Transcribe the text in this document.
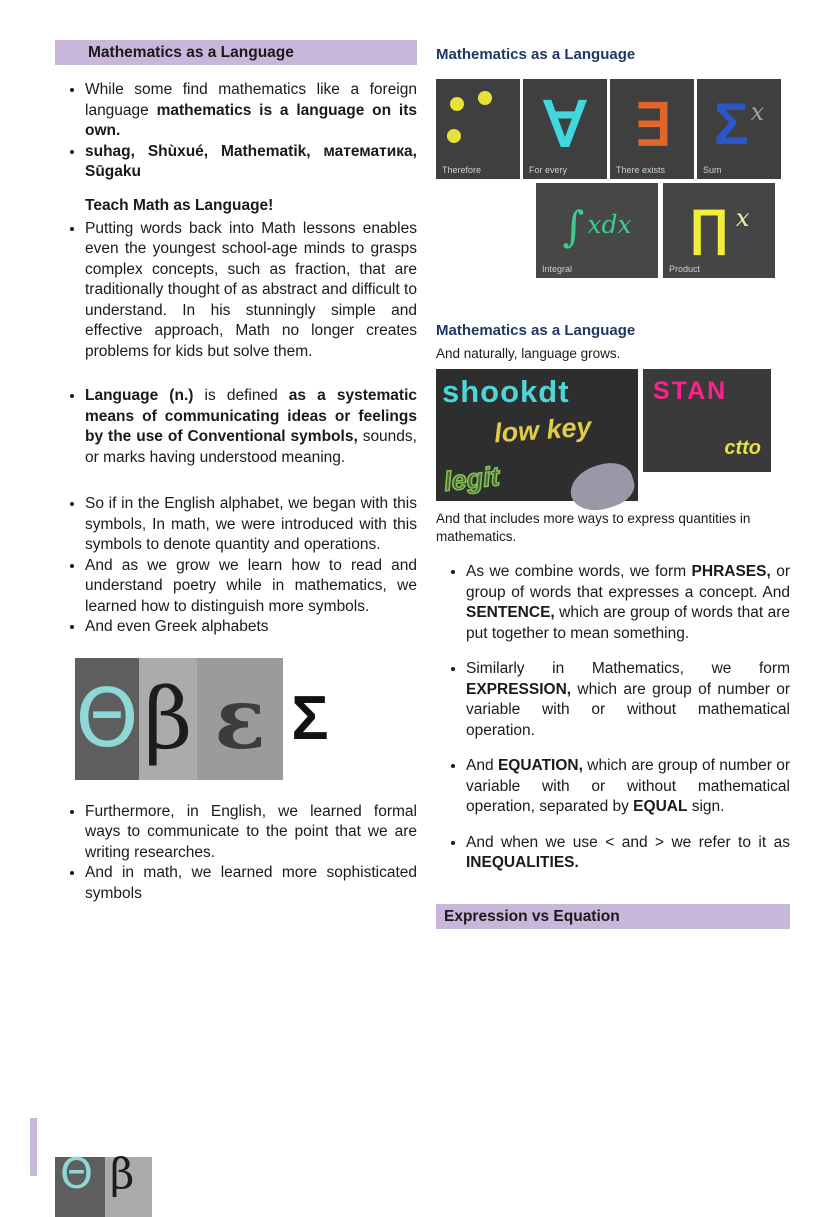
Mathematics as a Language
• While some find mathematics like a foreign language mathematics is a language on its own.
• suhag, Shùxué, Mathematik, математика, Sūgaku
Teach Math as Language!
• Putting words back into Math lessons enables even the youngest school-age minds to grasps complex concepts, such as fraction, that are traditionally thought of as abstract and difficult to understand. In his stunningly simple and effective approach, Math no longer creates problems for kids but solve them.
• Language (n.) is defined as a systematic means of communicating ideas or feelings by the use of Conventional symbols, sounds, or marks having understood meaning.
• So if in the English alphabet, we began with this symbols, In math, we were introduced with this symbols to denote quantity and operations.
• And as we grow we learn how to read and understand poetry while in mathematics, we learned how to distinguish more symbols.
• And even Greek alphabets
Θ β ε Σ
• Furthermore, in English, we learned formal ways to communicate to the point that we are writing researches.
• And in math, we learned more sophisticated symbols
Mathematics as a Language
Therefore
∀
For every
∃
There exists
Σ x
Sum
∫ xdx
Integral
∏ x
Product
Mathematics as a Language
And naturally, language grows.
shookdt
low key
legit
STAN
ctto
And that includes more ways to express quantities in mathematics.
• As we combine words, we form PHRASES, or group of words that expresses a concept. And SENTENCE, which are group of words that are put together to mean something.
• Similarly in Mathematics, we form EXPRESSION, which are group of number or variable with or without mathematical operation.
• And EQUATION, which are group of number or variable with or without mathematical operation, separated by EQUAL sign.
• And when we use < and > we refer to it as INEQUALITIES.
Expression vs Equation
Θ β
